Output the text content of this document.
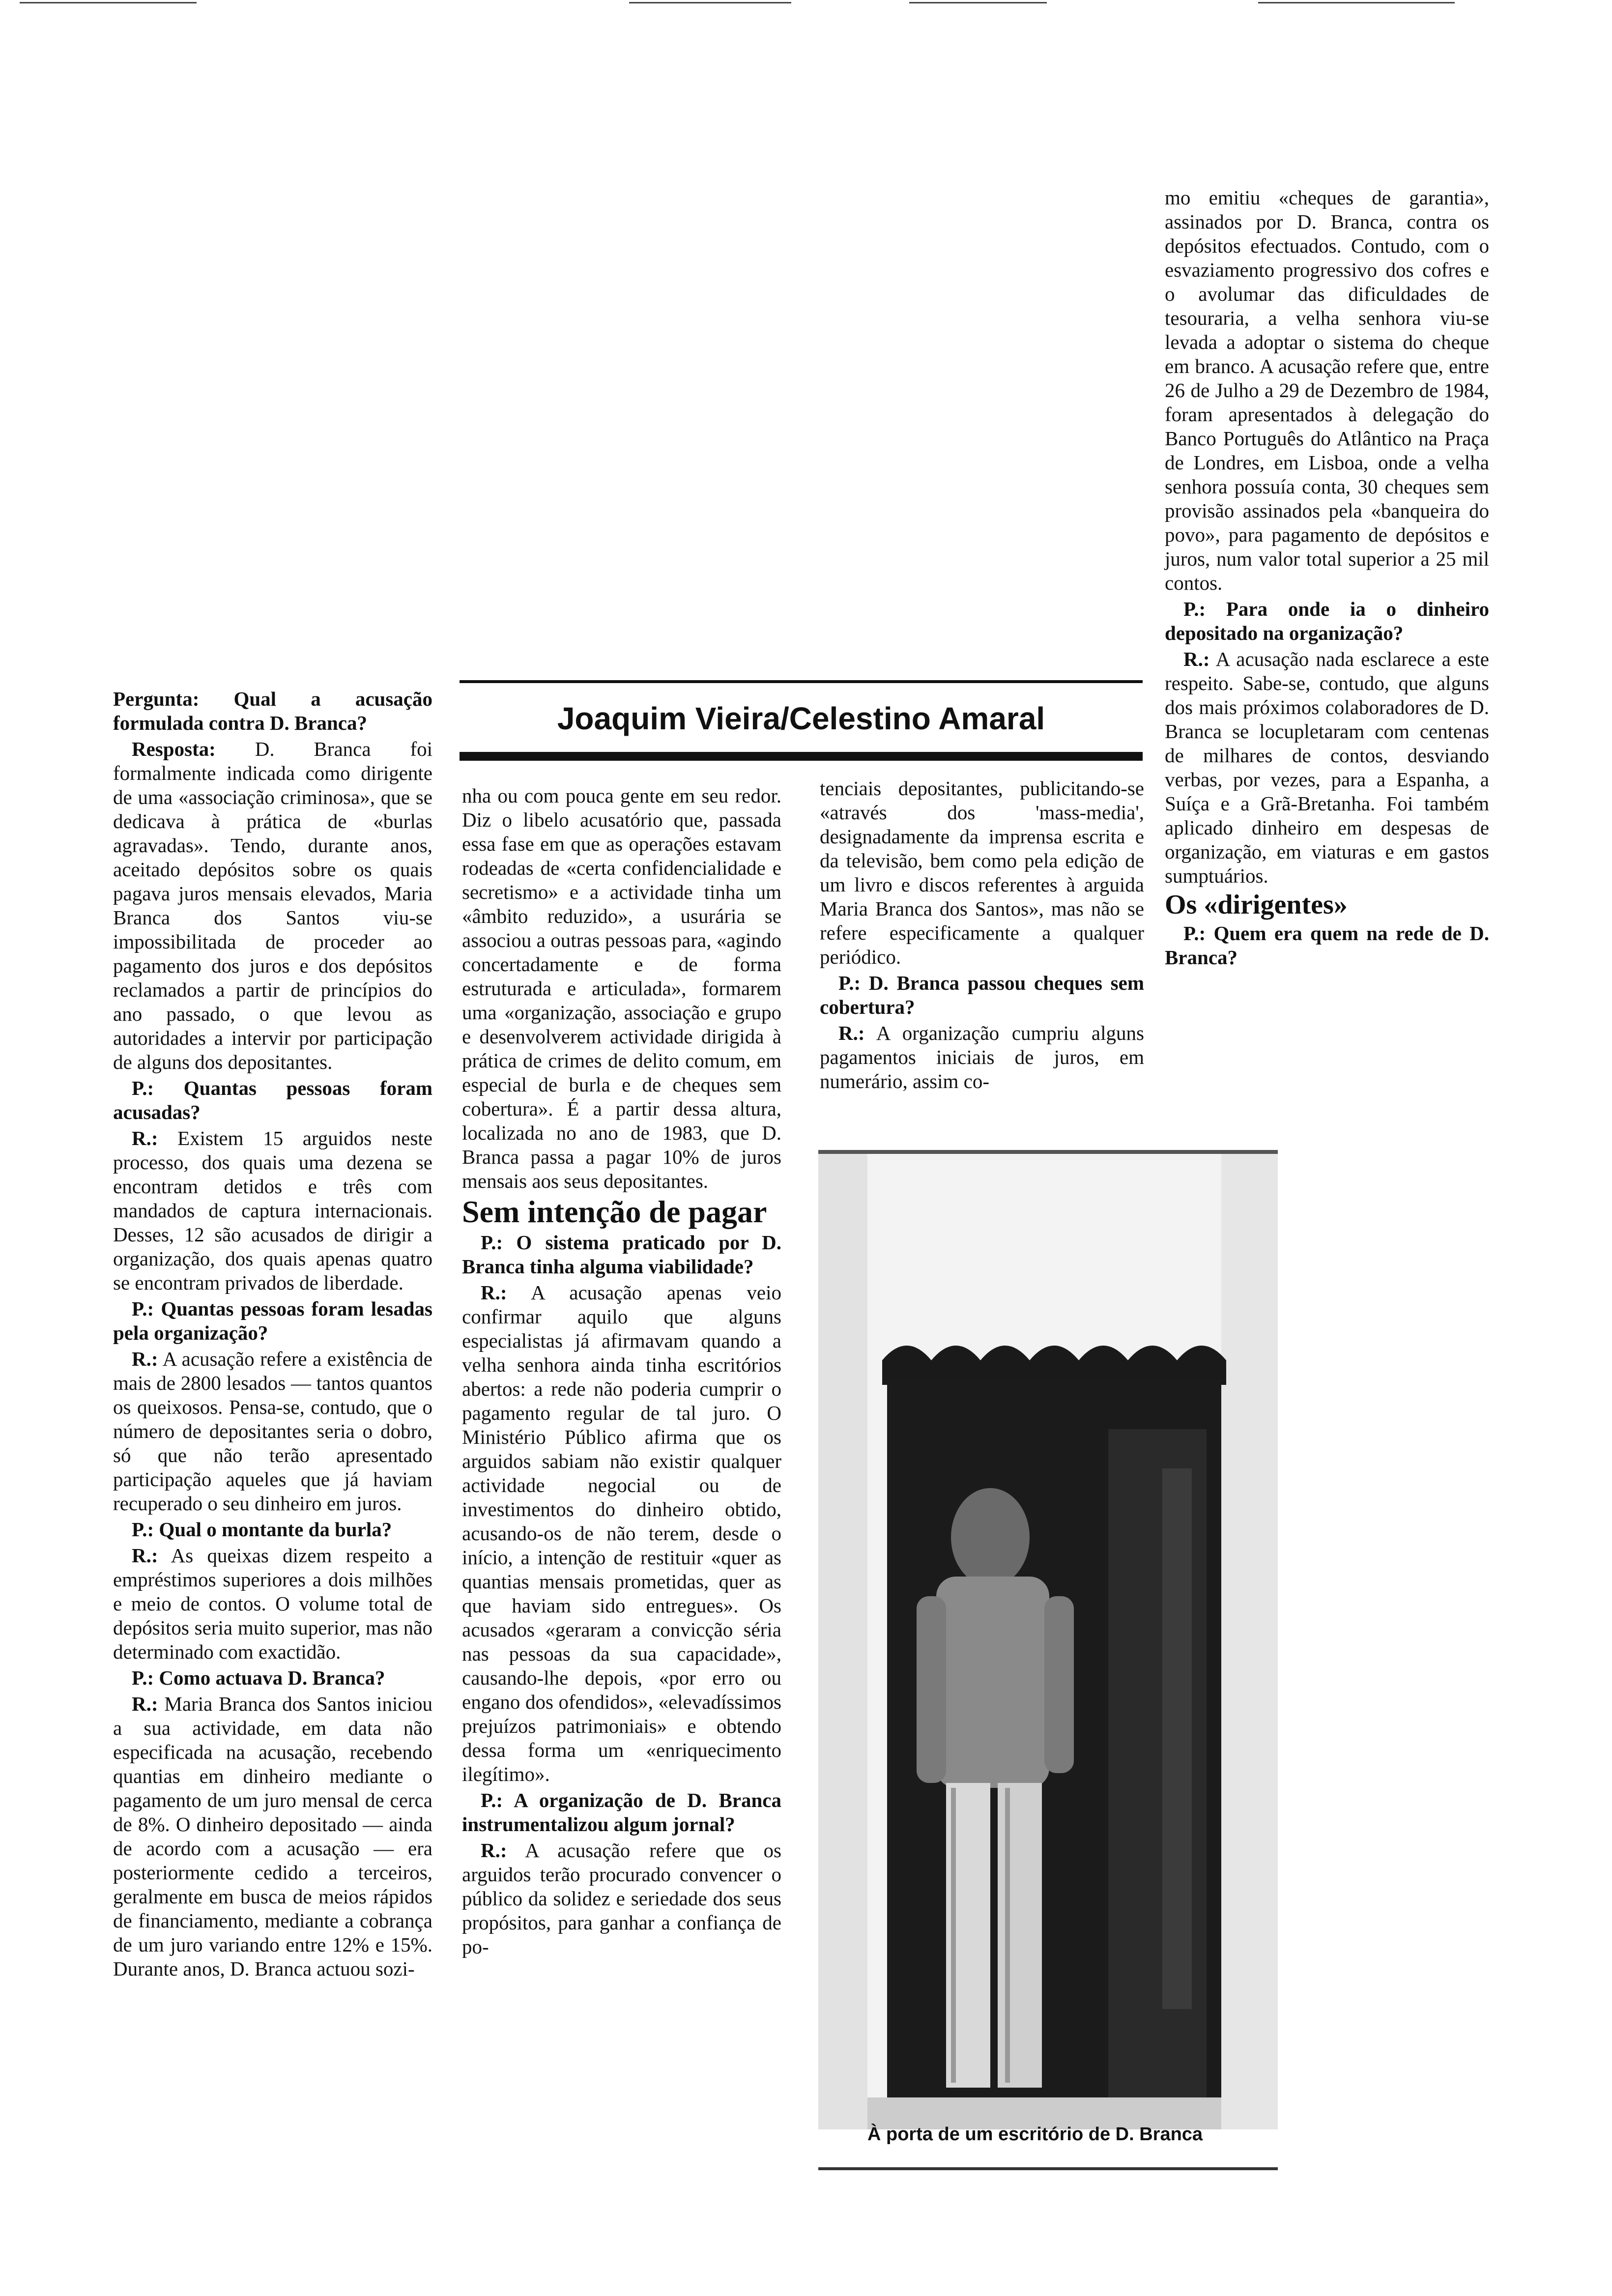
Pergunta: Qual a acusação formulada contra D. Branca?

Resposta: D. Branca foi formalmente indicada como dirigente de uma «associação criminosa», que se dedicava à prática de «burlas agravadas». Tendo, durante anos, aceitado depósitos sobre os quais pagava juros mensais elevados, Maria Branca dos Santos viu-se impossibilitada de proceder ao pagamento dos juros e dos depósitos reclamados a partir de princípios do ano passado, o que levou as autoridades a intervir por participação de alguns dos depositantes.

P.: Quantas pessoas foram acusadas?

R.: Existem 15 arguidos neste processo, dos quais uma dezena se encontram detidos e três com mandados de captura internacionais. Desses, 12 são acusados de dirigir a organização, dos quais apenas quatro se encontram privados de liberdade.

P.: Quantas pessoas foram lesadas pela organização?

R.: A acusação refere a existência de mais de 2800 lesados — tantos quantos os queixosos. Pensa-se, contudo, que o número de depositantes seria o dobro, só que não terão apresentado participação aqueles que já haviam recuperado o seu dinheiro em juros.

P.: Qual o montante da burla?

R.: As queixas dizem respeito a empréstimos superiores a dois milhões e meio de contos. O volume total de depósitos seria muito superior, mas não determinado com exactidão.

P.: Como actuava D. Branca?

R.: Maria Branca dos Santos iniciou a sua actividade, em data não especificada na acusação, recebendo quantias em dinheiro mediante o pagamento de um juro mensal de cerca de 8%. O dinheiro depositado — ainda de acordo com a acusação — era posteriormente cedido a terceiros, geralmente em busca de meios rápidos de financiamento, mediante a cobrança de um juro variando entre 12% e 15%. Durante anos, D. Branca actuou sozi-

Joaquim Vieira/Celestino Amaral

nha ou com pouca gente em seu redor. Diz o libelo acusatório que, passada essa fase em que as operações estavam rodeadas de «certa confidencialidade e secretismo» e a actividade tinha um «âmbito reduzido», a usurária se associou a outras pessoas para, «agindo concertadamente e de forma estruturada e articulada», formarem uma «organização, associação e grupo e desenvolverem actividade dirigida à prática de crimes de delito comum, em especial de burla e de cheques sem cobertura». É a partir dessa altura, localizada no ano de 1983, que D. Branca passa a pagar 10% de juros mensais aos seus depositantes.

Sem intenção de pagar

P.: O sistema praticado por D. Branca tinha alguma viabilidade?

R.: A acusação apenas veio confirmar aquilo que alguns especialistas já afirmavam quando a velha senhora ainda tinha escritórios abertos: a rede não poderia cumprir o pagamento regular de tal juro. O Ministério Público afirma que os arguidos sabiam não existir qualquer actividade negocial ou de investimentos do dinheiro obtido, acusando-os de não terem, desde o início, a intenção de restituir «quer as quantias mensais prometidas, quer as que haviam sido entregues». Os acusados «geraram a convicção séria nas pessoas da sua capacidade», causando-lhe depois, «por erro ou engano dos ofendidos», «elevadíssimos prejuízos patrimoniais» e obtendo dessa forma um «enriquecimento ilegítimo».

P.: A organização de D. Branca instrumentalizou algum jornal?

R.: A acusação refere que os arguidos terão procurado convencer o público da solidez e seriedade dos seus propósitos, para ganhar a confiança de po-

tenciais depositantes, publicitando-se «através dos 'mass-media', designadamente da imprensa escrita e da televisão, bem como pela edição de um livro e discos referentes à arguida Maria Branca dos Santos», mas não se refere especificamente a qualquer periódico.

P.: D. Branca passou cheques sem cobertura?

R.: A organização cumpriu alguns pagamentos iniciais de juros, em numerário, assim co-

À porta de um escritório de D. Branca

mo emitiu «cheques de garantia», assinados por D. Branca, contra os depósitos efectuados. Contudo, com o esvaziamento progressivo dos cofres e o avolumar das dificuldades de tesouraria, a velha senhora viu-se levada a adoptar o sistema do cheque em branco. A acusação refere que, entre 26 de Julho a 29 de Dezembro de 1984, foram apresentados à delegação do Banco Português do Atlântico na Praça de Londres, em Lisboa, onde a velha senhora possuía conta, 30 cheques sem provisão assinados pela «banqueira do povo», para pagamento de depósitos e juros, num valor total superior a 25 mil contos.

P.: Para onde ia o dinheiro depositado na organização?

R.: A acusação nada esclarece a este respeito. Sabe-se, contudo, que alguns dos mais próximos colaboradores de D. Branca se locupletaram com centenas de milhares de contos, desviando verbas, por vezes, para a Espanha, a Suíça e a Grã-Bretanha. Foi também aplicado dinheiro em despesas de organização, em viaturas e em gastos sumptuários.

Os «dirigentes»

P.: Quem era quem na rede de D. Branca?
